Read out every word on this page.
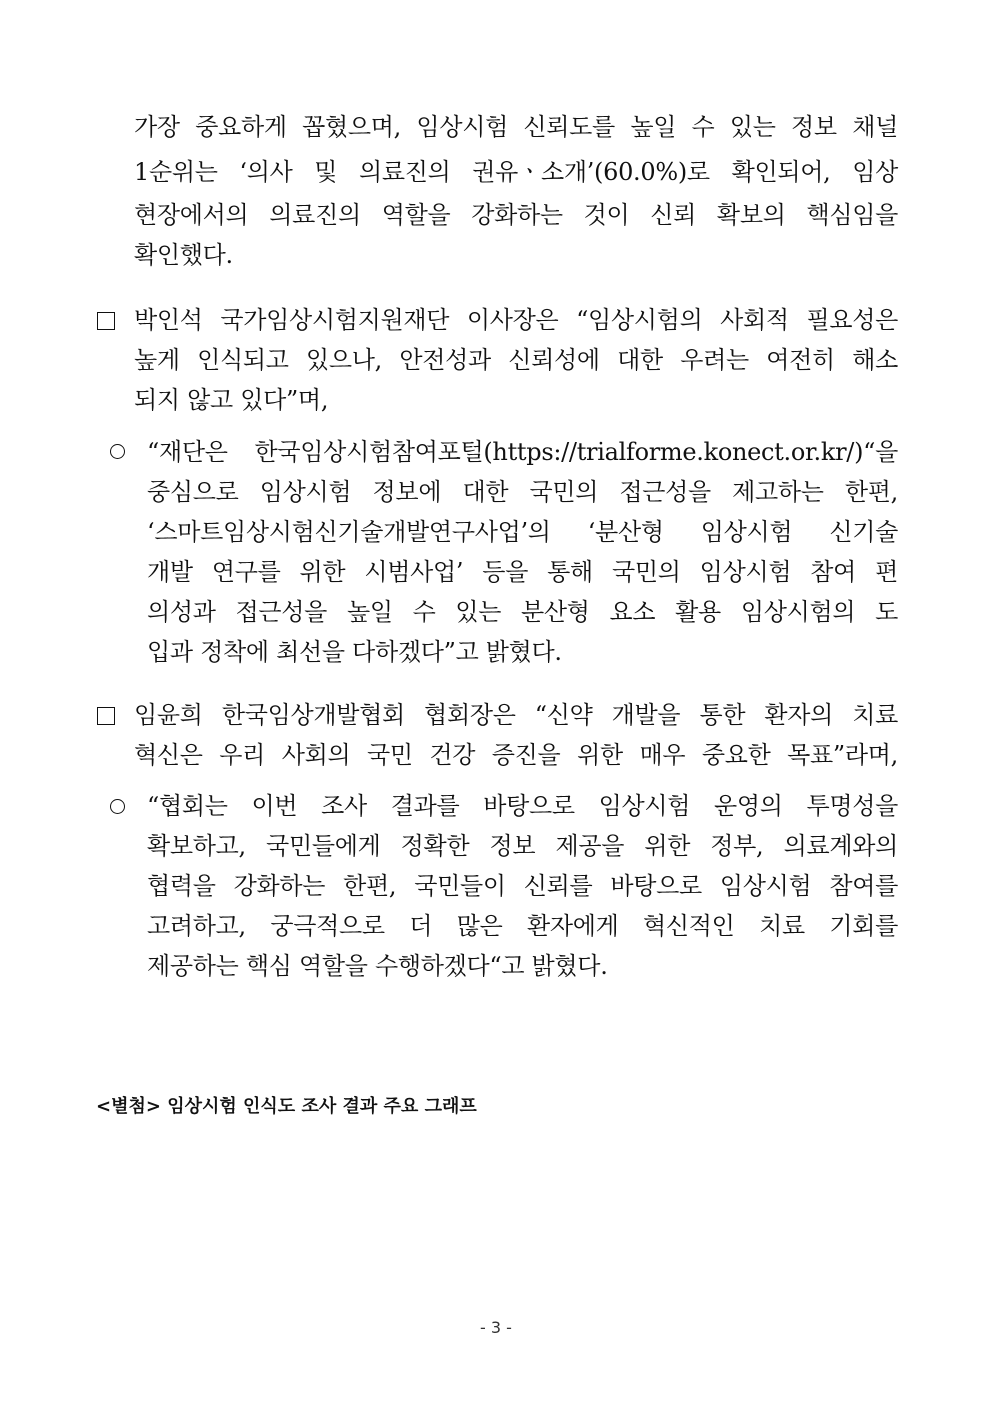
가장 중요하게 꼽혔으며, 임상시험 신뢰도를 높일 수 있는 정보 채널
1순위는 ‘의사 및 의료진의 권유ㆍ소개’(60.0%)로 확인되어, 임상
현장에서의 의료진의 역할을 강화하는 것이 신뢰 확보의 핵심임을
확인했다.
박인석 국가임상시험지원재단 이사장은 “임상시험의 사회적 필요성은
높게 인식되고 있으나, 안전성과 신뢰성에 대한 우려는 여전히 해소
되지 않고 있다”며,
“재단은 한국임상시험참여포털(https://trialforme.konect.or.kr/)“을
중심으로 임상시험 정보에 대한 국민의 접근성을 제고하는 한편,
‘스마트임상시험신기술개발연구사업’의 ‘분산형 임상시험 신기술
개발 연구를 위한 시범사업’ 등을 통해 국민의 임상시험 참여 편
의성과 접근성을 높일 수 있는 분산형 요소 활용 임상시험의 도
입과 정착에 최선을 다하겠다”고 밝혔다.
임윤희 한국임상개발협회 협회장은 “신약 개발을 통한 환자의 치료
혁신은 우리 사회의 국민 건강 증진을 위한 매우 중요한 목표”라며,
“협회는 이번 조사 결과를 바탕으로 임상시험 운영의 투명성을
확보하고, 국민들에게 정확한 정보 제공을 위한 정부, 의료계와의
협력을 강화하는 한편, 국민들이 신뢰를 바탕으로 임상시험 참여를
고려하고, 궁극적으로 더 많은 환자에게 혁신적인 치료 기회를
제공하는 핵심 역할을 수행하겠다“고 밝혔다.
<별첨> 임상시험 인식도 조사 결과 주요 그래프
- 3 -
